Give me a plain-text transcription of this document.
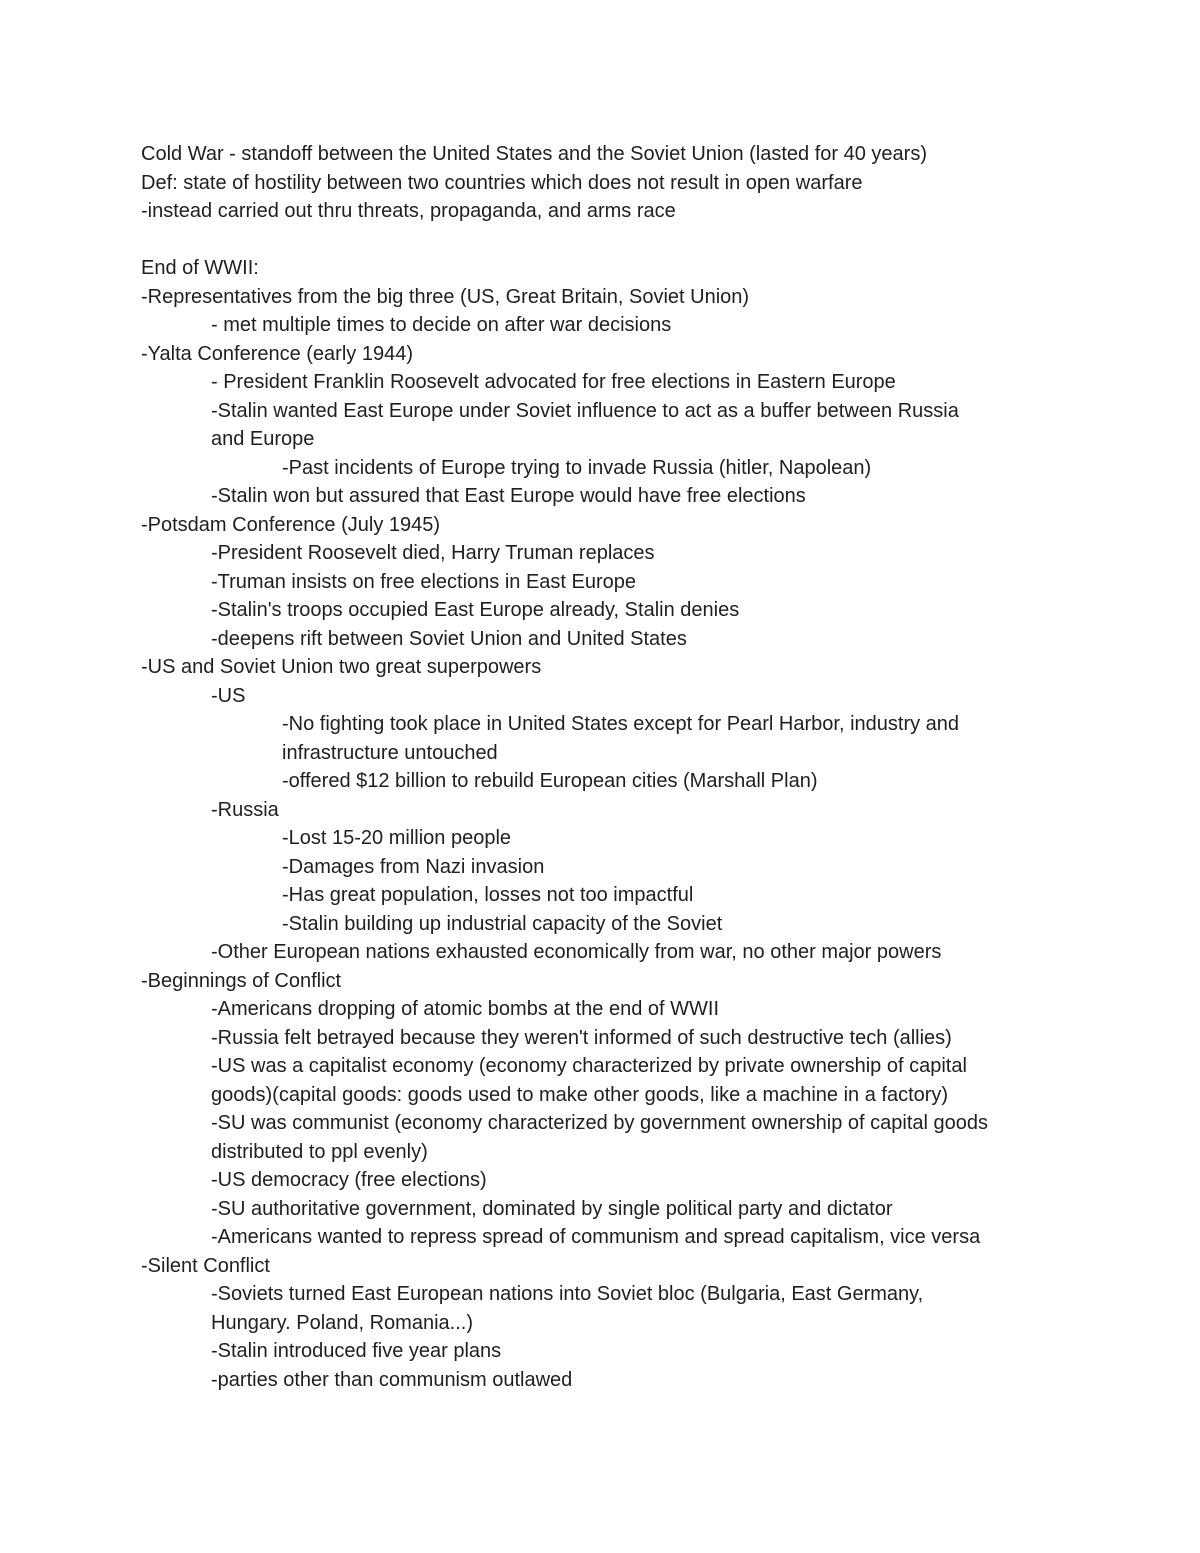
Cold War - standoff between the United States and the Soviet Union (lasted for 40 years)
Def: state of hostility between two countries which does not result in open warfare
-instead carried out thru threats, propaganda, and arms race
End of WWII:
-Representatives from the big three (US, Great Britain, Soviet Union)
- met multiple times to decide on after war decisions
-Yalta Conference (early 1944)
- President Franklin Roosevelt advocated for free elections in Eastern Europe
-Stalin wanted East Europe under Soviet influence to act as a buffer between Russia
and Europe
-Past incidents of Europe trying to invade Russia (hitler, Napolean)
-Stalin won but assured that East Europe would have free elections
-Potsdam Conference (July 1945)
-President Roosevelt died, Harry Truman replaces
-Truman insists on free elections in East Europe
-Stalin's troops occupied East Europe already, Stalin denies
-deepens rift between Soviet Union and United States
-US and Soviet Union two great superpowers
-US
-No fighting took place in United States except for Pearl Harbor, industry and
infrastructure untouched
-offered $12 billion to rebuild European cities (Marshall Plan)
-Russia
-Lost 15-20 million people
-Damages from Nazi invasion
-Has great population, losses not too impactful
-Stalin building up industrial capacity of the Soviet
-Other European nations exhausted economically from war, no other major powers
-Beginnings of Conflict
-Americans dropping of atomic bombs at the end of WWII
-Russia felt betrayed because they weren't informed of such destructive tech (allies)
-US was a capitalist economy (economy characterized by private ownership of capital
goods)(capital goods: goods used to make other goods, like a machine in a factory)
-SU was communist (economy characterized by government ownership of capital goods
distributed to ppl evenly)
-US democracy (free elections)
-SU authoritative government, dominated by single political party and dictator
-Americans wanted to repress spread of communism and spread capitalism, vice versa
-Silent Conflict
-Soviets turned East European nations into Soviet bloc (Bulgaria, East Germany,
Hungary. Poland, Romania...)
-Stalin introduced five year plans
-parties other than communism outlawed
